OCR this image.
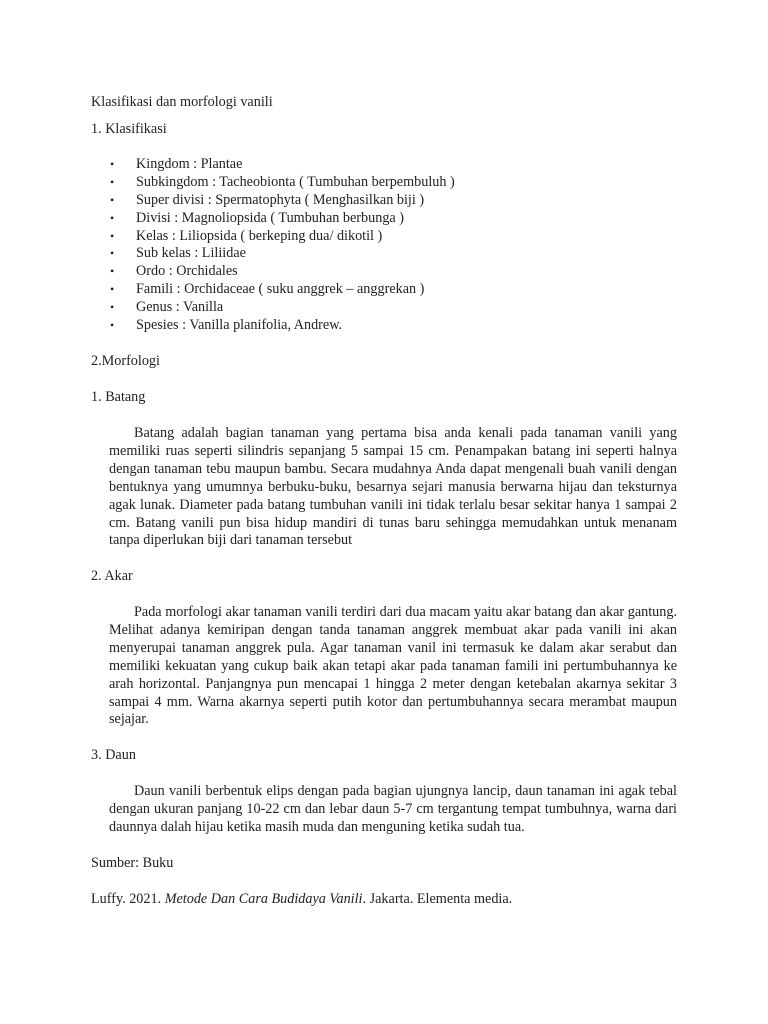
Klasifikasi dan morfologi vanili

1. Klasifikasi

• Kingdom : Plantae
• Subkingdom : Tacheobionta ( Tumbuhan berpembuluh )
• Super divisi : Spermatophyta ( Menghasilkan biji )
• Divisi : Magnoliopsida ( Tumbuhan berbunga )
• Kelas : Liliopsida ( berkeping dua/ dikotil )
• Sub kelas : Liliidae
• Ordo : Orchidales
• Famili : Orchidaceae ( suku anggrek – anggrekan )
• Genus : Vanilla
• Spesies : Vanilla planifolia, Andrew.

2.Morfologi

1. Batang

Batang adalah bagian tanaman yang pertama bisa anda kenali pada tanaman vanili yang memiliki ruas seperti silindris sepanjang 5 sampai 15 cm. Penampakan batang ini seperti halnya dengan tanaman tebu maupun bambu. Secara mudahnya Anda dapat mengenali buah vanili dengan bentuknya yang umumnya berbuku-buku, besarnya sejari manusia berwarna hijau dan teksturnya agak lunak. Diameter pada batang tumbuhan vanili ini tidak terlalu besar sekitar hanya 1 sampai 2 cm. Batang vanili pun bisa hidup mandiri di tunas baru sehingga memudahkan untuk menanam tanpa diperlukan biji dari tanaman tersebut

2. Akar

Pada morfologi akar tanaman vanili terdiri dari dua macam yaitu akar batang dan akar gantung. Melihat adanya kemiripan dengan tanda tanaman anggrek membuat akar pada vanili ini akan menyerupai tanaman anggrek pula. Agar tanaman vanil ini termasuk ke dalam akar serabut dan memiliki kekuatan yang cukup baik akan tetapi akar pada tanaman famili ini pertumbuhannya ke arah horizontal. Panjangnya pun mencapai 1 hingga 2 meter dengan ketebalan akarnya sekitar 3 sampai 4 mm. Warna akarnya seperti putih kotor dan pertumbuhannya secara merambat maupun sejajar.

3. Daun

Daun vanili berbentuk elips dengan pada bagian ujungnya lancip, daun tanaman ini agak tebal dengan ukuran panjang 10-22 cm dan lebar daun 5-7 cm tergantung tempat tumbuhnya, warna dari daunnya dalah hijau ketika masih muda dan menguning ketika sudah tua.

Sumber: Buku

Luffy. 2021. Metode Dan Cara Budidaya Vanili. Jakarta. Elementa media.
